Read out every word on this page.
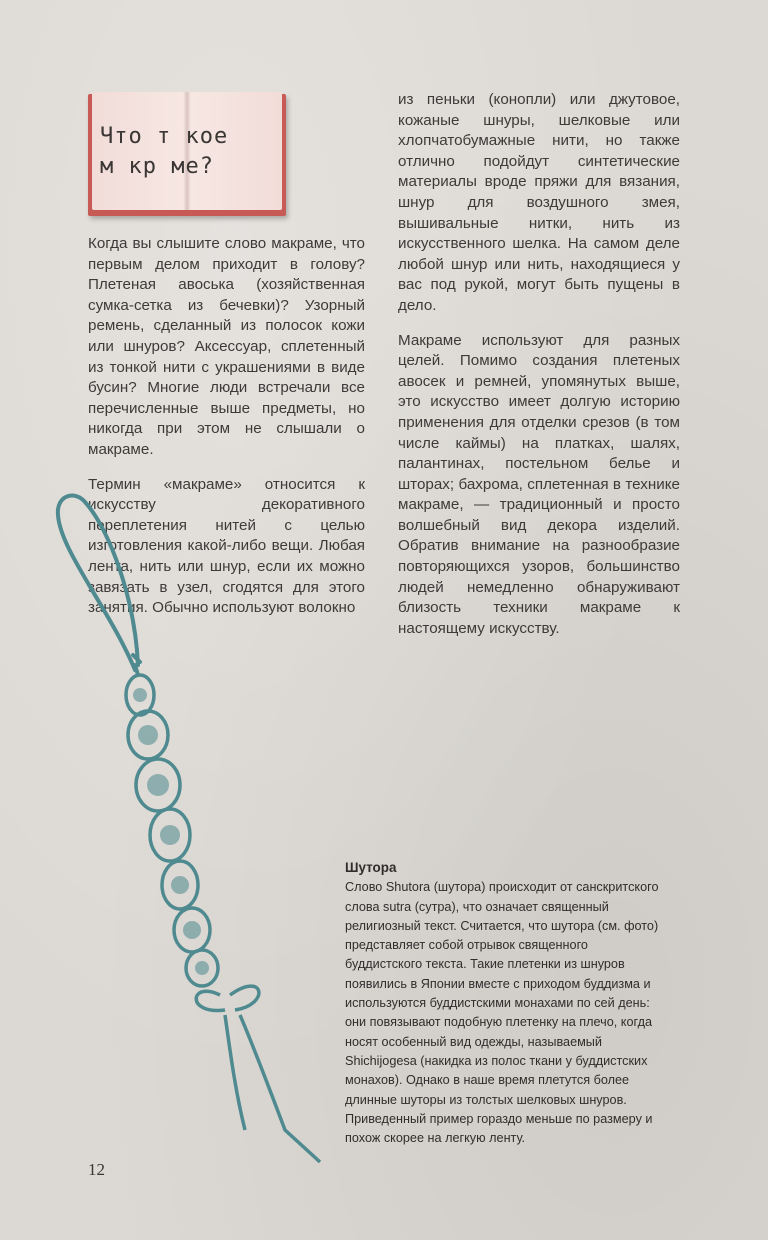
Что т кое
м кр ме?

Когда вы слышите слово макраме, что первым делом приходит в голову? Плетеная авоська (хозяйственная сумка-сетка из бечевки)? Узорный ремень, сделанный из полосок кожи или шнуров? Аксессуар, сплетенный из тонкой нити с украшениями в виде бусин? Многие люди встречали все перечисленные выше предметы, но никогда при этом не слышали о макраме.

Термин «макраме» относится к искусству декоративного переплетения нитей с целью изготовления какой-либо вещи. Любая лента, нить или шнур, если их можно завязать в узел, сгодятся для этого занятия. Обычно используют волокно

из пеньки (конопли) или джутовое, кожаные шнуры, шелковые или хлопчатобумажные нити, но также отлично подойдут синтетические материалы вроде пряжи для вязания, шнур для воздушного змея, вышивальные нитки, нить из искусственного шелка. На самом деле любой шнур или нить, находящиеся у вас под рукой, могут быть пущены в дело.

Макраме используют для разных целей. Помимо создания плетеных авосек и ремней, упомянутых выше, это искусство имеет долгую историю применения для отделки срезов (в том числе каймы) на платках, шалях, палантинах, постельном белье и шторах; бахрома, сплетенная в технике макраме, — традиционный и просто волшебный вид декора изделий. Обратив внимание на разнообразие повторяющихся узоров, большинство людей немедленно обнаруживают близость техники макраме к настоящему искусству.

Шутора

Слово Shutora (шутора) происходит от санскритского слова sutra (сутра), что означает священный религиозный текст. Считается, что шутора (см. фото) представляет собой отрывок священного буддистского текста. Такие плетенки из шнуров появились в Японии вместе с приходом буддизма и используются буддистскими монахами по сей день: они повязывают подобную плетенку на плечо, когда носят особенный вид одежды, называемый Shichijogesa (накидка из полос ткани у буддистских монахов). Однако в наше время плетутся более длинные шуторы из толстых шелковых шнуров. Приведенный пример гораздо меньше по размеру и похож скорее на легкую ленту.

12
